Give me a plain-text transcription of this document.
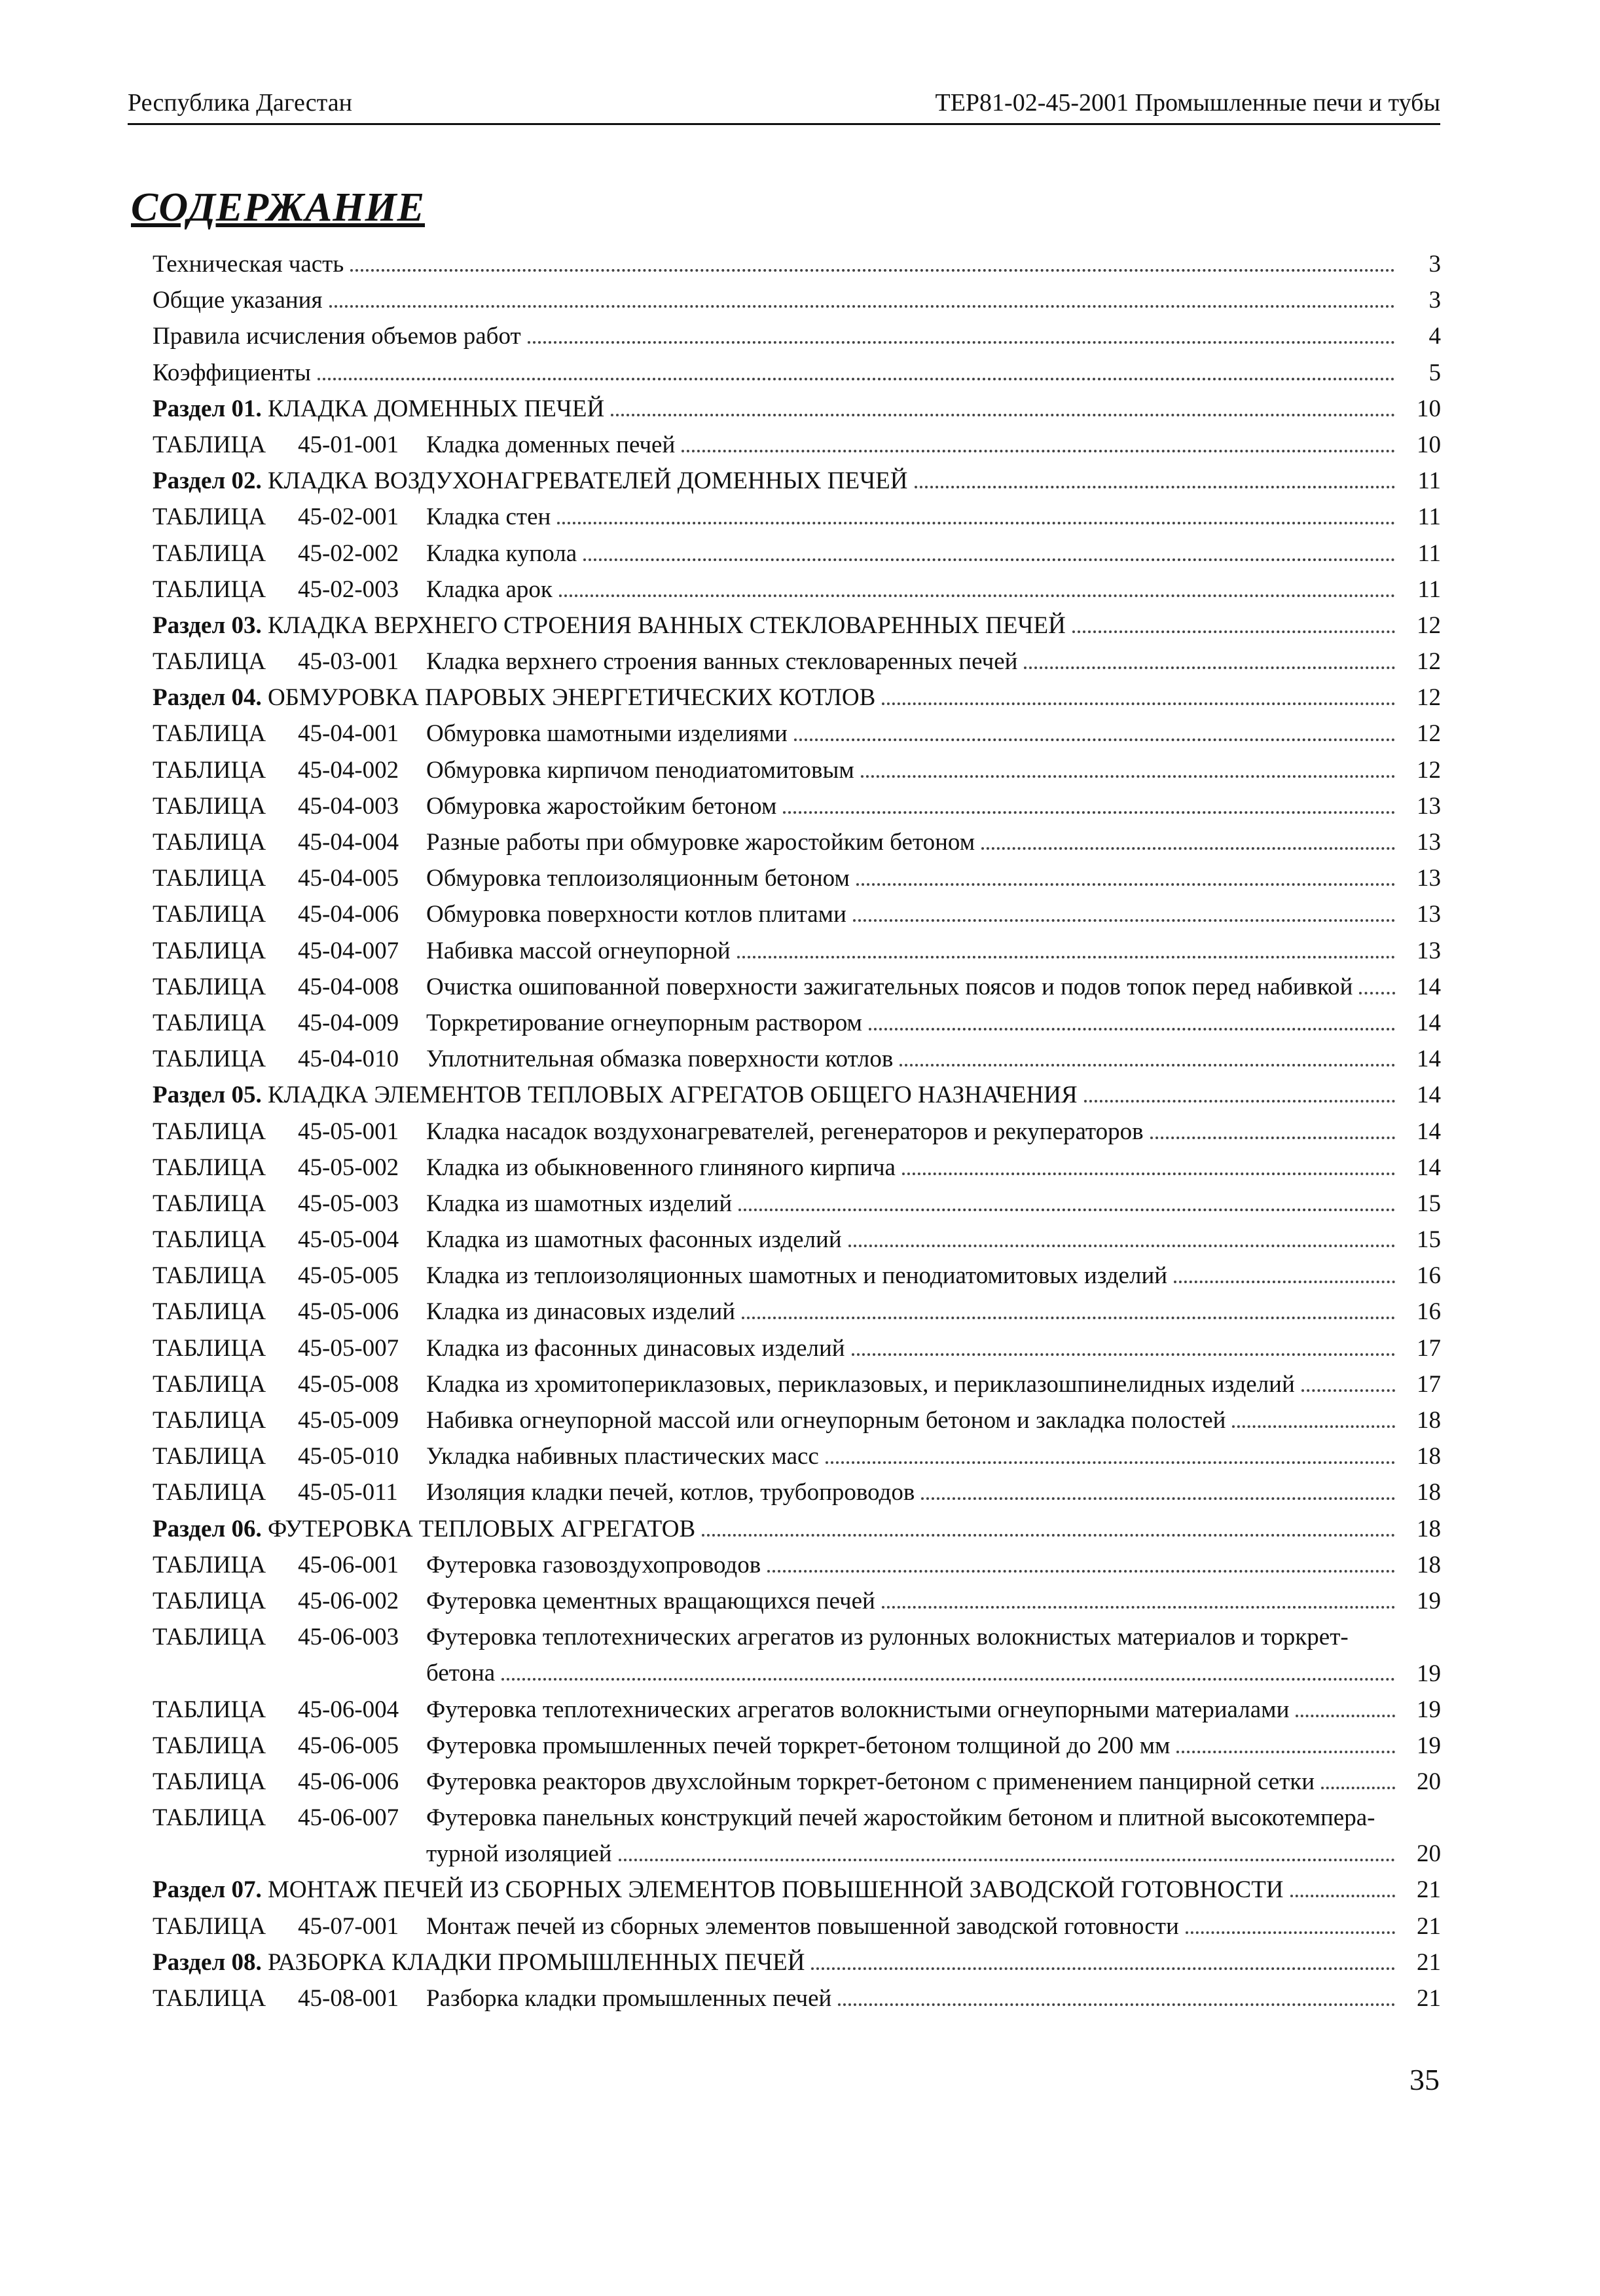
Республика Дагестан	ТЕР81-02-45-2001 Промышленные печи и тубы
СОДЕРЖАНИЕ
Техническая часть	3
Общие указания	3
Правила исчисления объемов работ	4
Коэффициенты	5
Раздел 01. КЛАДКА ДОМЕННЫХ ПЕЧЕЙ	10
ТАБЛИЦА	45-01-001	Кладка доменных печей	10
Раздел 02. КЛАДКА ВОЗДУХОНАГРЕВАТЕЛЕЙ ДОМЕННЫХ ПЕЧЕЙ	11
ТАБЛИЦА	45-02-001	Кладка стен	11
ТАБЛИЦА	45-02-002	Кладка купола	11
ТАБЛИЦА	45-02-003	Кладка арок	11
Раздел 03. КЛАДКА ВЕРХНЕГО СТРОЕНИЯ ВАННЫХ СТЕКЛОВАРЕННЫХ ПЕЧЕЙ	12
ТАБЛИЦА	45-03-001	Кладка верхнего строения ванных стекловаренных печей	12
Раздел 04. ОБМУРОВКА ПАРОВЫХ ЭНЕРГЕТИЧЕСКИХ КОТЛОВ	12
ТАБЛИЦА	45-04-001	Обмуровка шамотными изделиями	12
ТАБЛИЦА	45-04-002	Обмуровка кирпичом пенодиатомитовым	12
ТАБЛИЦА	45-04-003	Обмуровка жаростойким бетоном	13
ТАБЛИЦА	45-04-004	Разные работы при обмуровке жаростойким бетоном	13
ТАБЛИЦА	45-04-005	Обмуровка теплоизоляционным бетоном	13
ТАБЛИЦА	45-04-006	Обмуровка поверхности котлов плитами	13
ТАБЛИЦА	45-04-007	Набивка массой огнеупорной	13
ТАБЛИЦА	45-04-008	Очистка ошипованной поверхности зажигательных поясов и подов топок перед набивкой	14
ТАБЛИЦА	45-04-009	Торкретирование огнеупорным раствором	14
ТАБЛИЦА	45-04-010	Уплотнительная обмазка поверхности котлов	14
Раздел 05. КЛАДКА ЭЛЕМЕНТОВ ТЕПЛОВЫХ АГРЕГАТОВ ОБЩЕГО НАЗНАЧЕНИЯ	14
ТАБЛИЦА	45-05-001	Кладка насадок воздухонагревателей, регенераторов и рекуператоров	14
ТАБЛИЦА	45-05-002	Кладка из обыкновенного глиняного кирпича	14
ТАБЛИЦА	45-05-003	Кладка из шамотных изделий	15
ТАБЛИЦА	45-05-004	Кладка из шамотных фасонных изделий	15
ТАБЛИЦА	45-05-005	Кладка из теплоизоляционных шамотных и пенодиатомитовых изделий	16
ТАБЛИЦА	45-05-006	Кладка из динасовых изделий	16
ТАБЛИЦА	45-05-007	Кладка из фасонных динасовых изделий	17
ТАБЛИЦА	45-05-008	Кладка из хромитопериклазовых, периклазовых, и периклазошпинелидных изделий	17
ТАБЛИЦА	45-05-009	Набивка огнеупорной массой или огнеупорным бетоном и закладка полостей	18
ТАБЛИЦА	45-05-010	Укладка набивных пластических масс	18
ТАБЛИЦА	45-05-011	Изоляция кладки печей, котлов, трубопроводов	18
Раздел 06. ФУТЕРОВКА ТЕПЛОВЫХ АГРЕГАТОВ	18
ТАБЛИЦА	45-06-001	Футеровка газовоздухопроводов	18
ТАБЛИЦА	45-06-002	Футеровка цементных вращающихся печей	19
ТАБЛИЦА	45-06-003	Футеровка теплотехнических агрегатов из рулонных волокнистых материалов и торкрет-
бетона	19
ТАБЛИЦА	45-06-004	Футеровка теплотехнических агрегатов волокнистыми огнеупорными материалами	19
ТАБЛИЦА	45-06-005	Футеровка промышленных печей торкрет-бетоном толщиной до 200 мм	19
ТАБЛИЦА	45-06-006	Футеровка реакторов двухслойным торкрет-бетоном с применением панцирной сетки	20
ТАБЛИЦА	45-06-007	Футеровка панельных конструкций печей жаростойким бетоном и плитной высокотемпера-
турной изоляцией	20
Раздел 07. МОНТАЖ ПЕЧЕЙ ИЗ СБОРНЫХ ЭЛЕМЕНТОВ ПОВЫШЕННОЙ ЗАВОДСКОЙ ГОТОВНОСТИ	21
ТАБЛИЦА	45-07-001	Монтаж печей из сборных элементов повышенной заводской готовности	21
Раздел 08. РАЗБОРКА КЛАДКИ ПРОМЫШЛЕННЫХ ПЕЧЕЙ	21
ТАБЛИЦА	45-08-001	Разборка кладки промышленных печей	21
35
